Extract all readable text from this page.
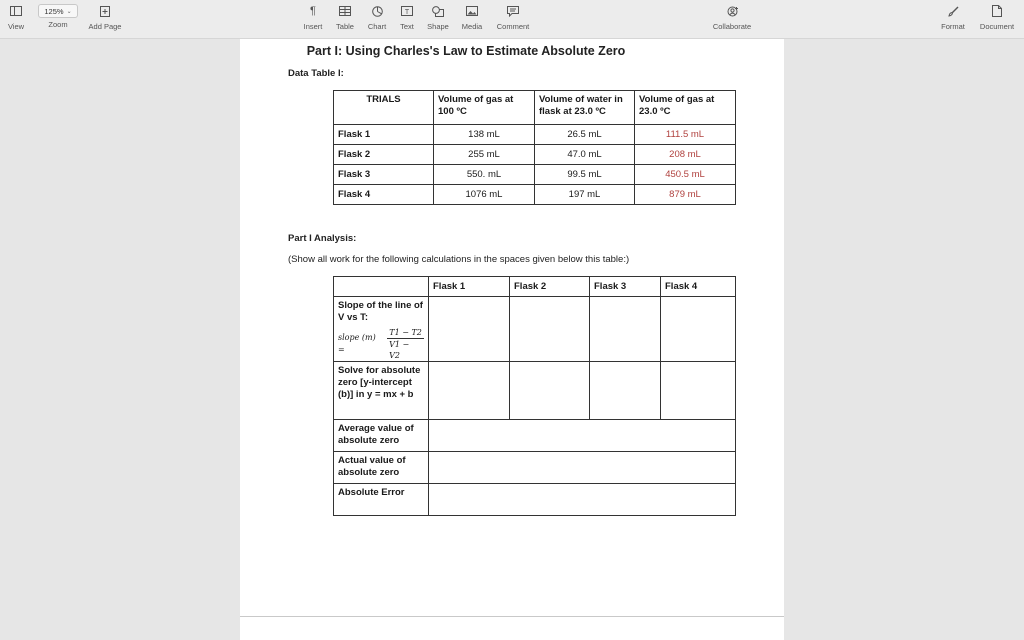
View
125% ⌄
Zoom	Add Page
¶
Insert Table Chart
T
Text Shape Media Comment	Collaborate	Format Document
Part I: Using Charles's Law to Estimate Absolute Zero
Data Table I:
TRIALS	Volume of gas at 100 ºC	Volume of water in flask at 23.0 ºC	Volume of gas at 23.0 ºC
Flask 1	138 mL	26.5 mL	111.5 mL
Flask 2	255 mL	47.0 mL	208 mL
Flask 3	550. mL	99.5 mL	450.5 mL
Flask 4	1076 mL	197 mL	879 mL
Part I Analysis:
(Show all work for the following calculations in the spaces given below this table:)
	Flask 1	Flask 2	Flask 3	Flask 4

Slope of the line of V vs T:
slope $(m) = \frac{T1 - T2}{V1 - V2}$

Solve for absolute zero [y-intercept (b)] in y = mx + b				
Average value of absolute zero				
Actual value of absolute zero				
Absolute Error				
